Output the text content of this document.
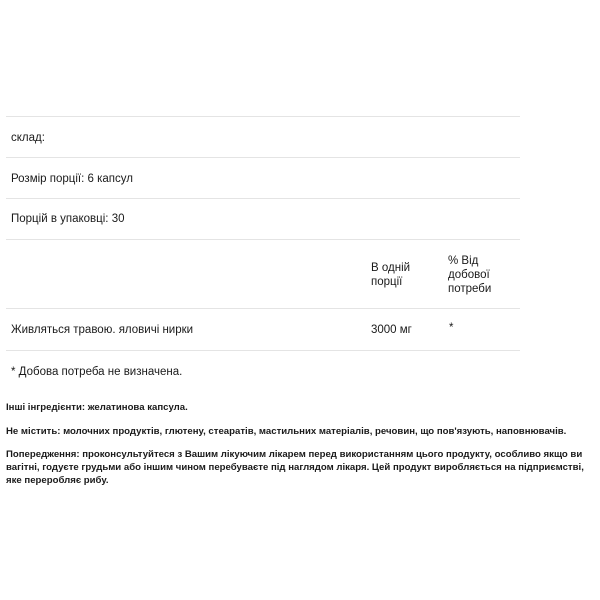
склад:
Розмір порції: 6 капсул
Порцій в упаковці: 30
В одній порції
% Від добової потреби
Живляться травою. яловичі нирки	3000 мг	*
* Добова потреба не визначена.

Інші інгредієнти: желатинова капсула.

Не містить: молочних продуктів, глютену, стеаратів, мастильних матеріалів, речовин, що пов'язують, наповнювачів.

Попередження: проконсультуйтеся з Вашим лікуючим лікарем перед використанням цього продукту, особливо якщо ви вагітні, годуєте грудьми або іншим чином перебуваєте під наглядом лікаря. Цей продукт виробляється на підприємстві, яке переробляє рибу.
